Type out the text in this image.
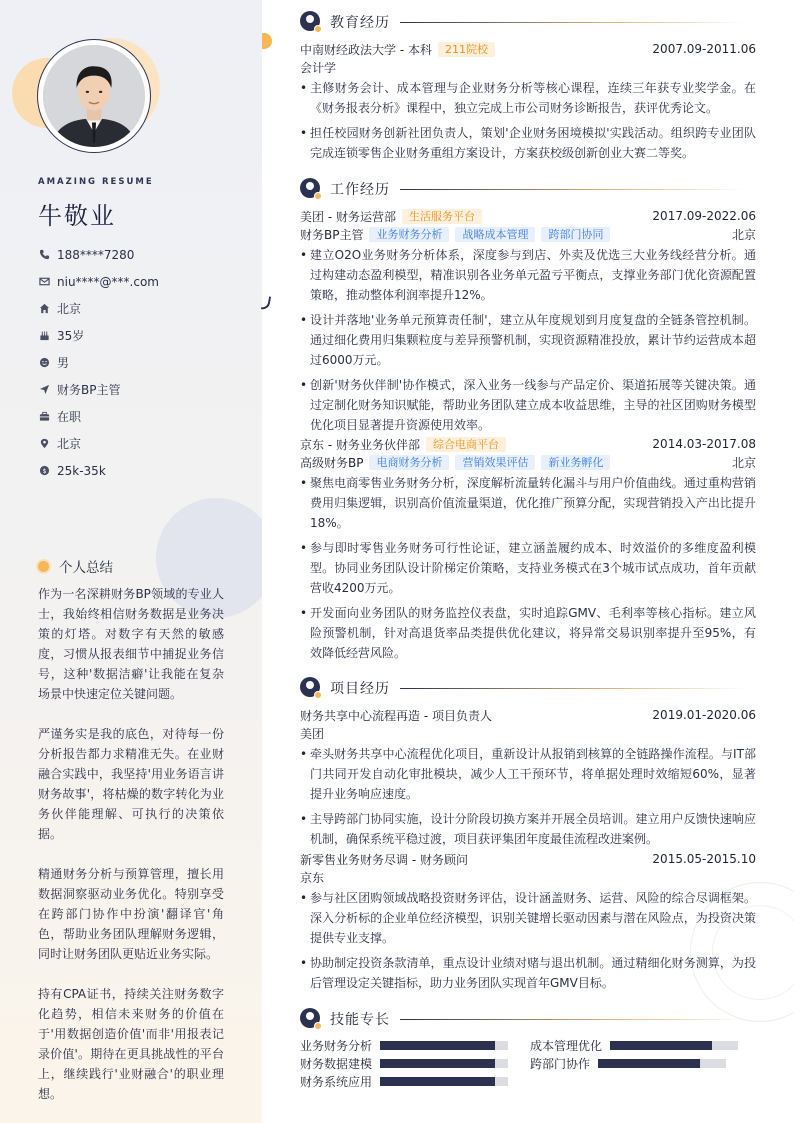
AMAZING RESUME
牛敬业
188****7280
niu****@***.com
北京
35岁
男
财务BP主管
在职
北京
$ 25k-35k
个人总结

作为一名深耕财务BP领域的专业人士，我始终相信财务数据是业务决策的灯塔。对数字有天然的敏感度，习惯从报表细节中捕捉业务信号，这种'数据洁癖'让我能在复杂场景中快速定位关键问题。

严谨务实是我的底色，对待每一份分析报告都力求精准无失。在业财融合实践中，我坚持'用业务语言讲财务故事'，将枯燥的数字转化为业务伙伴能理解、可执行的决策依据。

精通财务分析与预算管理，擅长用数据洞察驱动业务优化。特别享受在跨部门协作中扮演'翻译官'角色，帮助业务团队理解财务逻辑，同时让财务团队更贴近业务实际。

持有CPA证书，持续关注财务数字化趋势，相信未来财务的价值在于'用数据创造价值'而非'用报表记录价值'。期待在更具挑战性的平台上，继续践行'业财融合'的职业理想。

教育经历
中南财经政法大学 - 本科	211院校	2007.09-2011.06
会计学
• 主修财务会计、成本管理与企业财务分析等核心课程，连续三年获专业奖学金。在《财务报表分析》课程中，独立完成上市公司财务诊断报告，获评优秀论文。
• 担任校园财务创新社团负责人，策划'企业财务困境模拟'实践活动。组织跨专业团队完成连锁零售企业财务重组方案设计，方案获校级创新创业大赛二等奖。
工作经历
美团 - 财务运营部	生活服务平台	2017.09-2022.06
财务BP主管	业务财务分析	战略成本管理	跨部门协同	北京
• 建立O2O业务财务分析体系，深度参与到店、外卖及优选三大业务线经营分析。通过构建动态盈利模型，精准识别各业务单元盈亏平衡点，支撑业务部门优化资源配置策略，推动整体利润率提升12%。
• 设计并落地'业务单元预算责任制'，建立从年度规划到月度复盘的全链条管控机制。通过细化费用归集颗粒度与差异预警机制，实现资源精准投放，累计节约运营成本超过6000万元。
• 创新'财务伙伴制'协作模式，深入业务一线参与产品定价、渠道拓展等关键决策。通过定制化财务知识赋能，帮助业务团队建立成本收益思维，主导的社区团购财务模型优化项目显著提升资源使用效率。
京东 - 财务业务伙伴部	综合电商平台	2014.03-2017.08
高级财务BP	电商财务分析	营销效果评估	新业务孵化	北京
• 聚焦电商零售业务财务分析，深度解析流量转化漏斗与用户价值曲线。通过重构营销费用归集逻辑，识别高价值流量渠道，优化推广预算分配，实现营销投入产出比提升18%。
• 参与即时零售业务财务可行性论证，建立涵盖履约成本、时效溢价的多维度盈利模型。协同业务团队设计阶梯定价策略，支持业务模式在3个城市试点成功，首年贡献营收4200万元。
• 开发面向业务团队的财务监控仪表盘，实时追踪GMV、毛利率等核心指标。建立风险预警机制，针对高退货率品类提供优化建议，将异常交易识别率提升至95%，有效降低经营风险。
项目经历
财务共享中心流程再造 - 项目负责人	2019.01-2020.06
美团
• 牵头财务共享中心流程优化项目，重新设计从报销到核算的全链路操作流程。与IT部门共同开发自动化审批模块，减少人工干预环节，将单据处理时效缩短60%，显著提升业务响应速度。
• 主导跨部门协同实施，设计分阶段切换方案并开展全员培训。建立用户反馈快速响应机制，确保系统平稳过渡，项目获评集团年度最佳流程改进案例。
新零售业务财务尽调 - 财务顾问	2015.05-2015.10
京东
• 参与社区团购领域战略投资财务评估，设计涵盖财务、运营、风险的综合尽调框架。深入分析标的企业单位经济模型，识别关键增长驱动因素与潜在风险点，为投资决策提供专业支撑。
• 协助制定投资条款清单，重点设计业绩对赌与退出机制。通过精细化财务测算，为投后管理设定关键指标，助力业务团队实现首年GMV目标。
技能专长
业务财务分析	成本管理优化
财务数据建模	跨部门协作
财务系统应用
